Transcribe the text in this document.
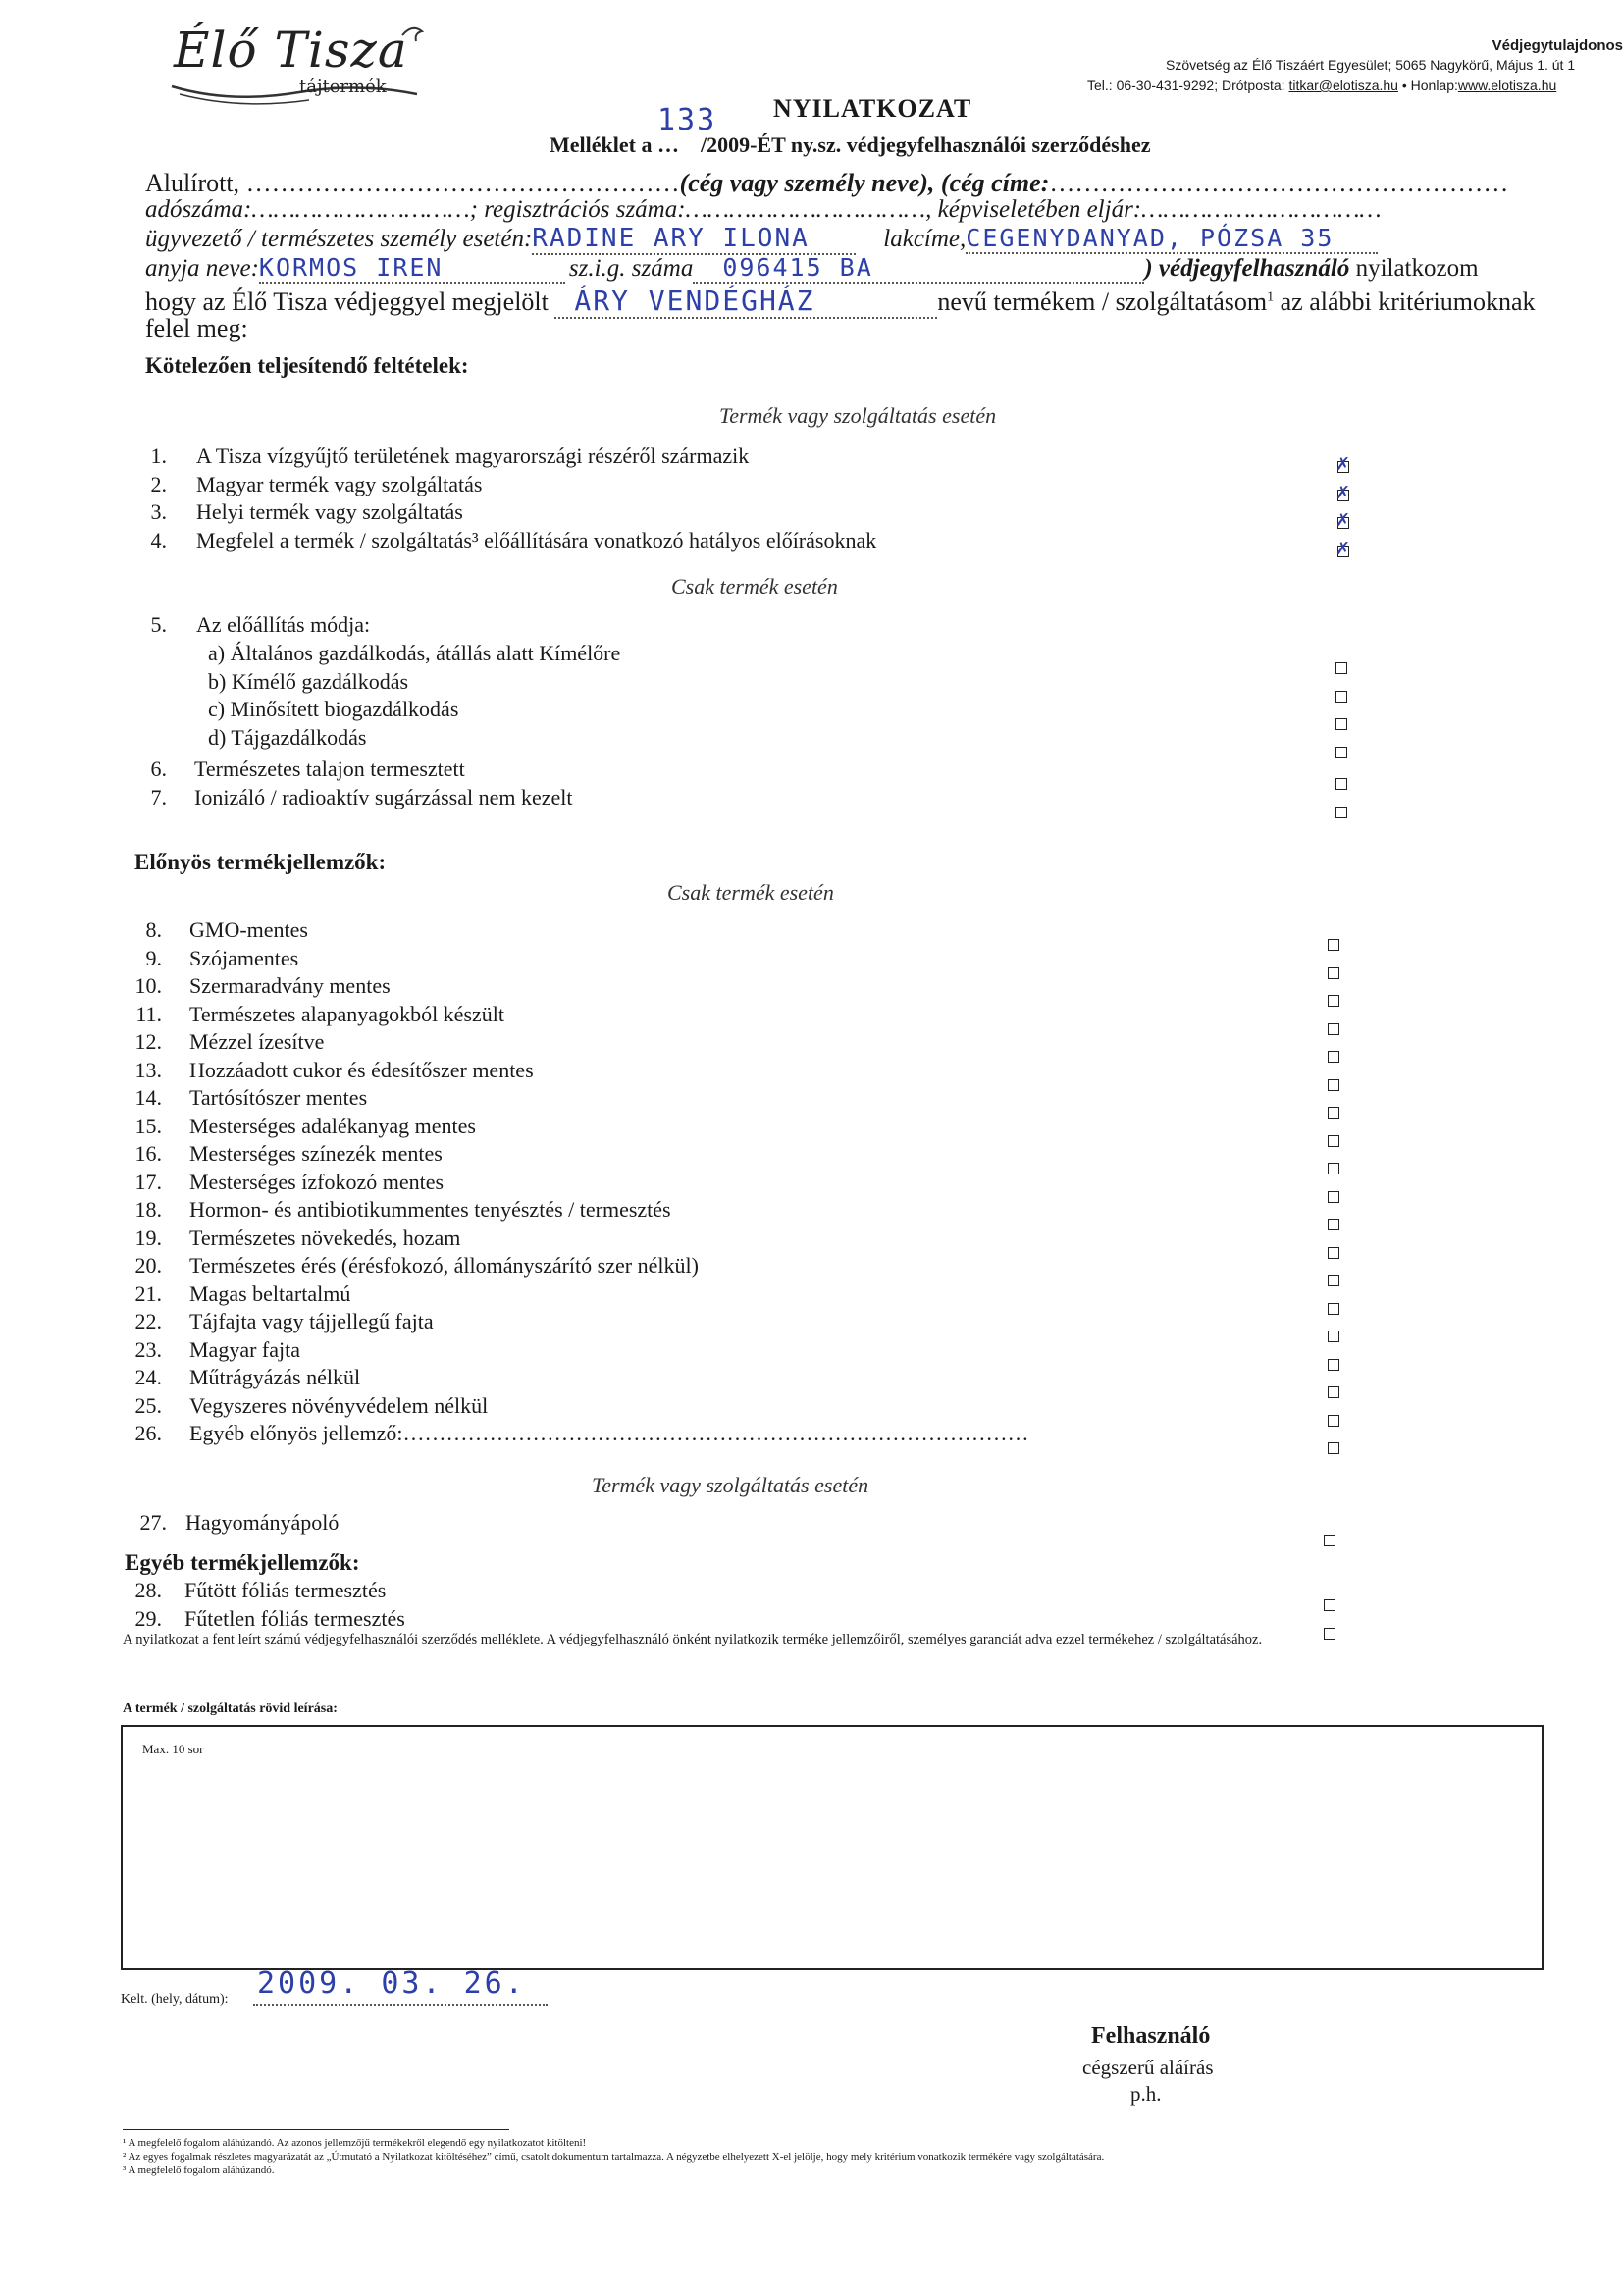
Élő Tisza
tájtermék
Védjegytulajdonos
Szövetség az Élő Tiszáért Egyesület; 5065 Nagykörű, Május 1. út 1
Tel.: 06-30-431-9292; Drótposta: titkar@elotisza.hu • Honlap:www.elotisza.hu
NYILATKOZAT
Melléklet a
133
… /2009-ÉT ny.sz. védjegyfelhasználói szerződéshez
Alulírott, ……………………………………………(cég vagy személy neve), (cég címe:………………………………………………
adószáma:…………………………; regisztrációs száma:……………………………, képviseletében eljár:……………………………
ügyvezető / természetes személy esetén:RADINE ARY ILONA	lakcíme,CEGENYDANYAD, PÓZSA 35
anyja neve:KORMOS IREN	sz.i.g. száma 096415 BA	) védjegyfelhasználó nyilatkozom
hogy az Élő Tisza védjeggyel megjelölt ÁRY VENDÉGHÁZ	nevű termékem / szolgáltatásom$^1$ az alábbi kritériumoknak
felel meg:
Kötelezően teljesítendő feltételek:
Termék vagy szolgáltatás esetén
1. A Tisza vízgyűjtő területének magyarországi részéről származik	✗
2. Magyar termék vagy szolgáltatás	✗
3. Helyi termék vagy szolgáltatás	✗
4. Megfelel a termék / szolgáltatás³ előállítására vonatkozó hatályos előírásoknak	✗
Csak termék esetén
5. Az előállítás módja:
a) Általános gazdálkodás, átállás alatt Kímélőre
b) Kímélő gazdálkodás
c) Minősített biogazdálkodás
d) Tájgazdálkodás
6. Természetes talajon termesztett
7. Ionizáló / radioaktív sugárzással nem kezelt
Előnyös termékjellemzők:
Csak termék esetén
8. GMO-mentes
9. Szójamentes
10. Szermaradvány mentes
11. Természetes alapanyagokból készült
12. Mézzel ízesítve
13. Hozzáadott cukor és édesítőszer mentes
14. Tartósítószer mentes
15. Mesterséges adalékanyag mentes
16. Mesterséges színezék mentes
17. Mesterséges ízfokozó mentes
18. Hormon- és antibiotikummentes tenyésztés / termesztés
19. Természetes növekedés, hozam
20. Természetes érés (érésfokozó, állományszárító szer nélkül)
21. Magas beltartalmú
22. Tájfajta vagy tájjellegű fajta
23. Magyar fajta
24. Műtrágyázás nélkül
25. Vegyszeres növényvédelem nélkül
26. Egyéb előnyös jellemző:……………………………………………………………………………
Termék vagy szolgáltatás esetén
27. Hagyományápoló
Egyéb termékjellemzők:
28. Fűtött fóliás termesztés
29. Fűtetlen fóliás termesztés
A nyilatkozat a fent leírt számú védjegyfelhasználói szerződés melléklete. A védjegyfelhasználó önként nyilatkozik terméke jellemzőiről, személyes garanciát adva ezzel termékehez / szolgáltatásához.
A termék / szolgáltatás rövid leírása:
Max. 10 sor
Kelt. (hely, dátum): 2009. 03. 26.
Felhasználó
cégszerű aláírás
p.h.
¹ A megfelelő fogalom aláhúzandó. Az azonos jellemzőjű termékekről elegendő egy nyilatkozatot kitölteni!
² Az egyes fogalmak részletes magyarázatát az „Útmutató a Nyilatkozat kitöltéséhez” című, csatolt dokumentum tartalmazza. A négyzetbe elhelyezett X-el jelölje, hogy mely kritérium vonatkozik termékére vagy szolgáltatására.
³ A megfelelő fogalom aláhúzandó.
